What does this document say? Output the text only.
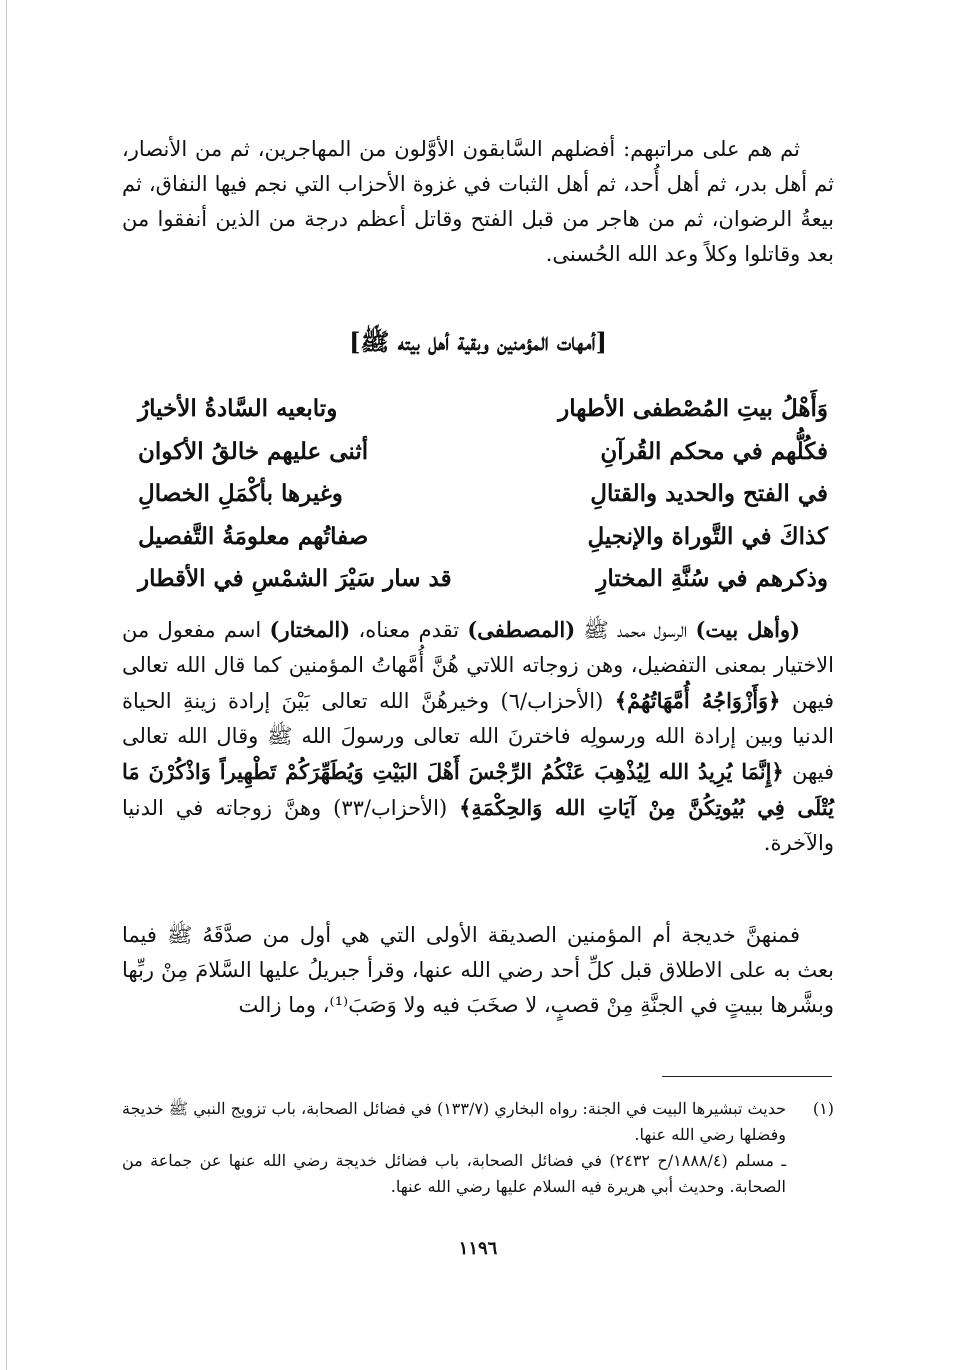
ثم هم على مراتبهم: أفضلهم السَّابقون الأوَّلون من المهاجرين، ثم من الأنصار، ثم أهل بدر، ثم أهل أُحد، ثم أهل الثبات في غزوة الأحزاب التي نجم فيها النفاق، ثم بيعةُ الرضوان، ثم من هاجر من قبل الفتح وقاتل أعظم درجة من الذين أنفقوا من بعد وقاتلوا وكلاً وعد الله الحُسنى.

[أمهات المؤمنين وبقية أهل بيته ﷺ]
وَأَهْلُ بيتِ المُصْطفى الأطهار
وتابعيه السَّادةُ الأخيارُ
فكُلُّهم في محكم القُرآنِ
أثنى عليهم خالقُ الأكوان
في الفتح والحديد والقتالِ
وغيرها بأكْمَلِ الخصالِ
كذاكَ في التَّوراة والإنجيلِ
صفاتُهم معلومَةُ التَّفصيل
وذكرهم في سُنَّةِ المختارِ
قد سار سَيْرَ الشمْسِ في الأقطار

(وأهل بيت) الرسول محمد ﷺ (المصطفى) تقدم معناه، (المختار) اسم مفعول من الاختيار بمعنى التفضيل، وهن زوجاته اللاتي هُنَّ أُمَّهاتُ المؤمنين كما قال الله تعالى فيهن ﴿وَأَزْوَاجُهُ أُمَّهَاتُهُمْ﴾ (الأحزاب/٦) وخيرهُنَّ الله تعالى بَيْنَ إرادة زينةِ الحياة الدنيا وبين إرادة الله ورسولِه فاخترنَ الله تعالى ورسولَ الله ﷺ وقال الله تعالى فيهن ﴿إِنَّمَا يُرِيدُ الله لِيُذْهِبَ عَنْكُمُ الرِّجْسَ أَهْلَ البَيْتِ وَيُطَهِّرَكُمْ تَطْهِيراً وَاذْكُرْنَ مَا يُتْلَى فِي بُيُوتِكُنَّ مِنْ آيَاتِ الله وَالحِكْمَةِ﴾ (الأحزاب/٣٣) وهنَّ زوجاته في الدنيا والآخرة.

فمنهنَّ خديجة أم المؤمنين الصديقة الأولى التي هي أول من صدَّقَهُ ﷺ فيما بعث به على الاطلاق قبل كلِّ أحد رضي الله عنها، وقرأ جبريلُ عليها السَّلامَ مِنْ ربِّها وبشَّرها ببيتٍ في الجنَّةِ مِنْ قصبٍ، لا صخَبَ فيه ولا وَصَبَ⁽¹⁾، وما زالت

(١)

حديث تبشيرها البيت في الجنة: رواه البخاري (١٣٣/٧) في فضائل الصحابة، باب تزويج النبي ﷺ خديجة وفضلها رضي الله عنها.

ـ مسلم (١٨٨٨/٤/ح ٢٤٣٢) في فضائل الصحابة، باب فضائل خديجة رضي الله عنها عن جماعة من الصحابة. وحديث أبي هريرة فيه السلام عليها رضي الله عنها.

١١٩٦
